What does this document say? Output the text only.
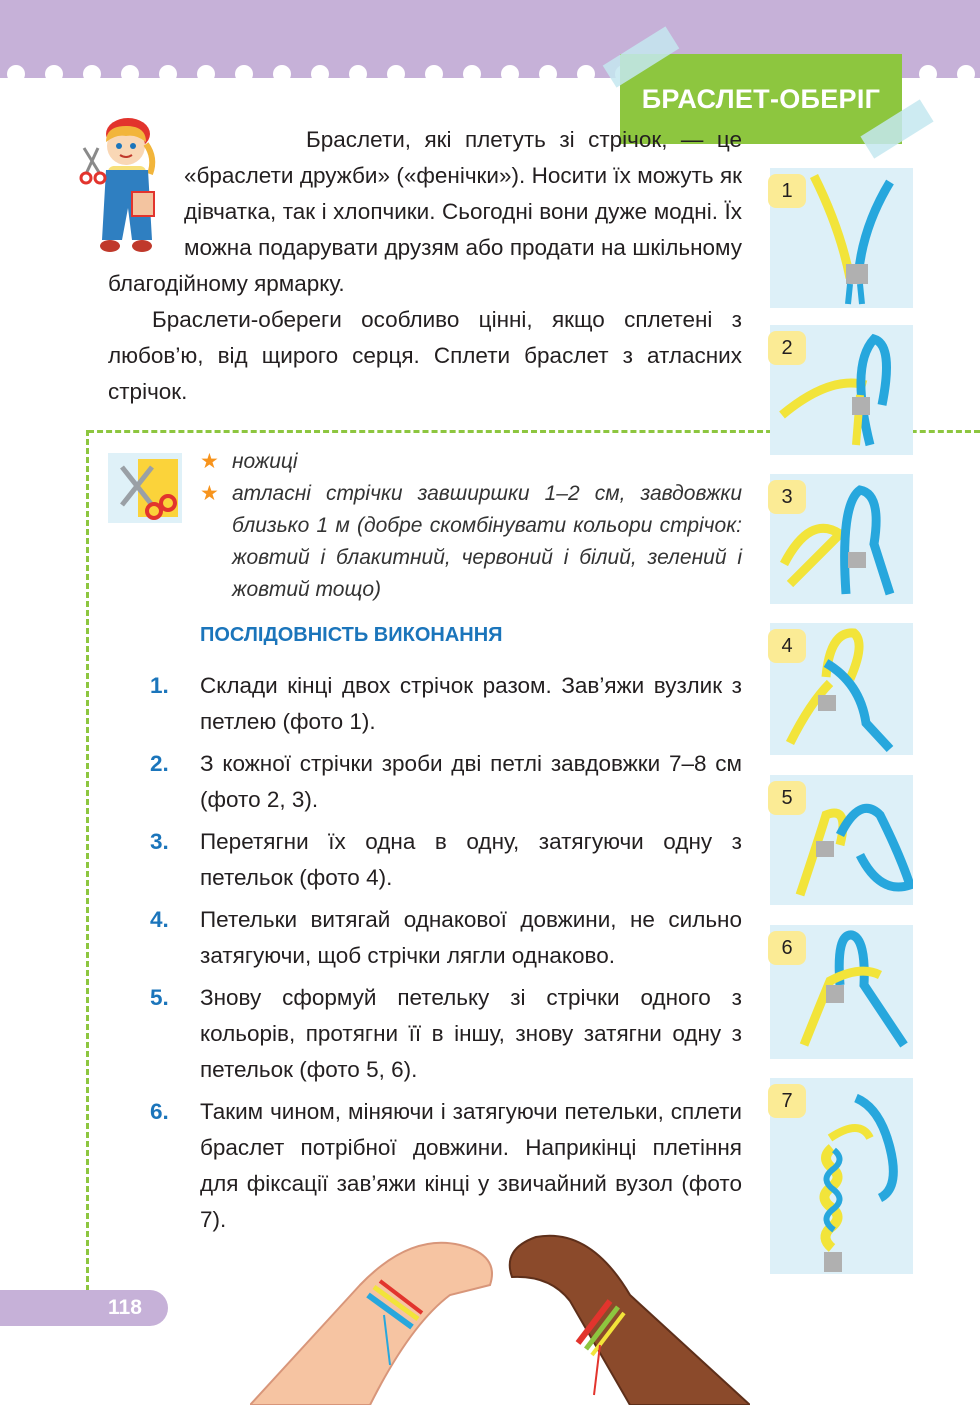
БРАСЛЕТ-ОБЕРІГ

Браслети, які плетуть зі стрічок, — це «браслети дружби» («фенічки»). Носити їх можуть як дівчатка, так і хлопчики. Сьогодні вони дуже модні. Їх можна подарувати друзям або продати на шкільному благодійному ярмарку.

Браслети-обереги особливо цінні, якщо сплетені з любов’ю, від щирого серця. Сплети браслет з атласних стрічок.

★ ножиці
★ атласні стрічки завширшки 1–2 см, завдовжки близько 1 м (добре скомбінувати кольори стрічок: жовтий і блакитний, червоний і білий, зелений і жовтий тощо)
ПОСЛІДОВНІСТЬ ВИКОНАННЯ
1. Склади кінці двох стрічок разом. Зав’яжи вузлик з петлею (фото 1).
2. З кожної стрічки зроби дві петлі завдовжки 7–8 см (фото 2, 3).
3. Перетягни їх одна в одну, затягуючи одну з петельок (фото 4).
4. Петельки витягай однакової довжини, не сильно затягуючи, щоб стрічки лягли однаково.
5. Знову сформуй петельку зі стрічки одного з кольорів, протягни її в іншу, знову затягни одну з петельок (фото 5, 6).
6. Таким чином, міняючи і затягуючи петельки, сплети браслет потрібної довжини. Наприкінці плетіння для фіксації зав’яжи кінці у звичайний вузол (фото 7).
1
2
3
4
5
6
7
118
